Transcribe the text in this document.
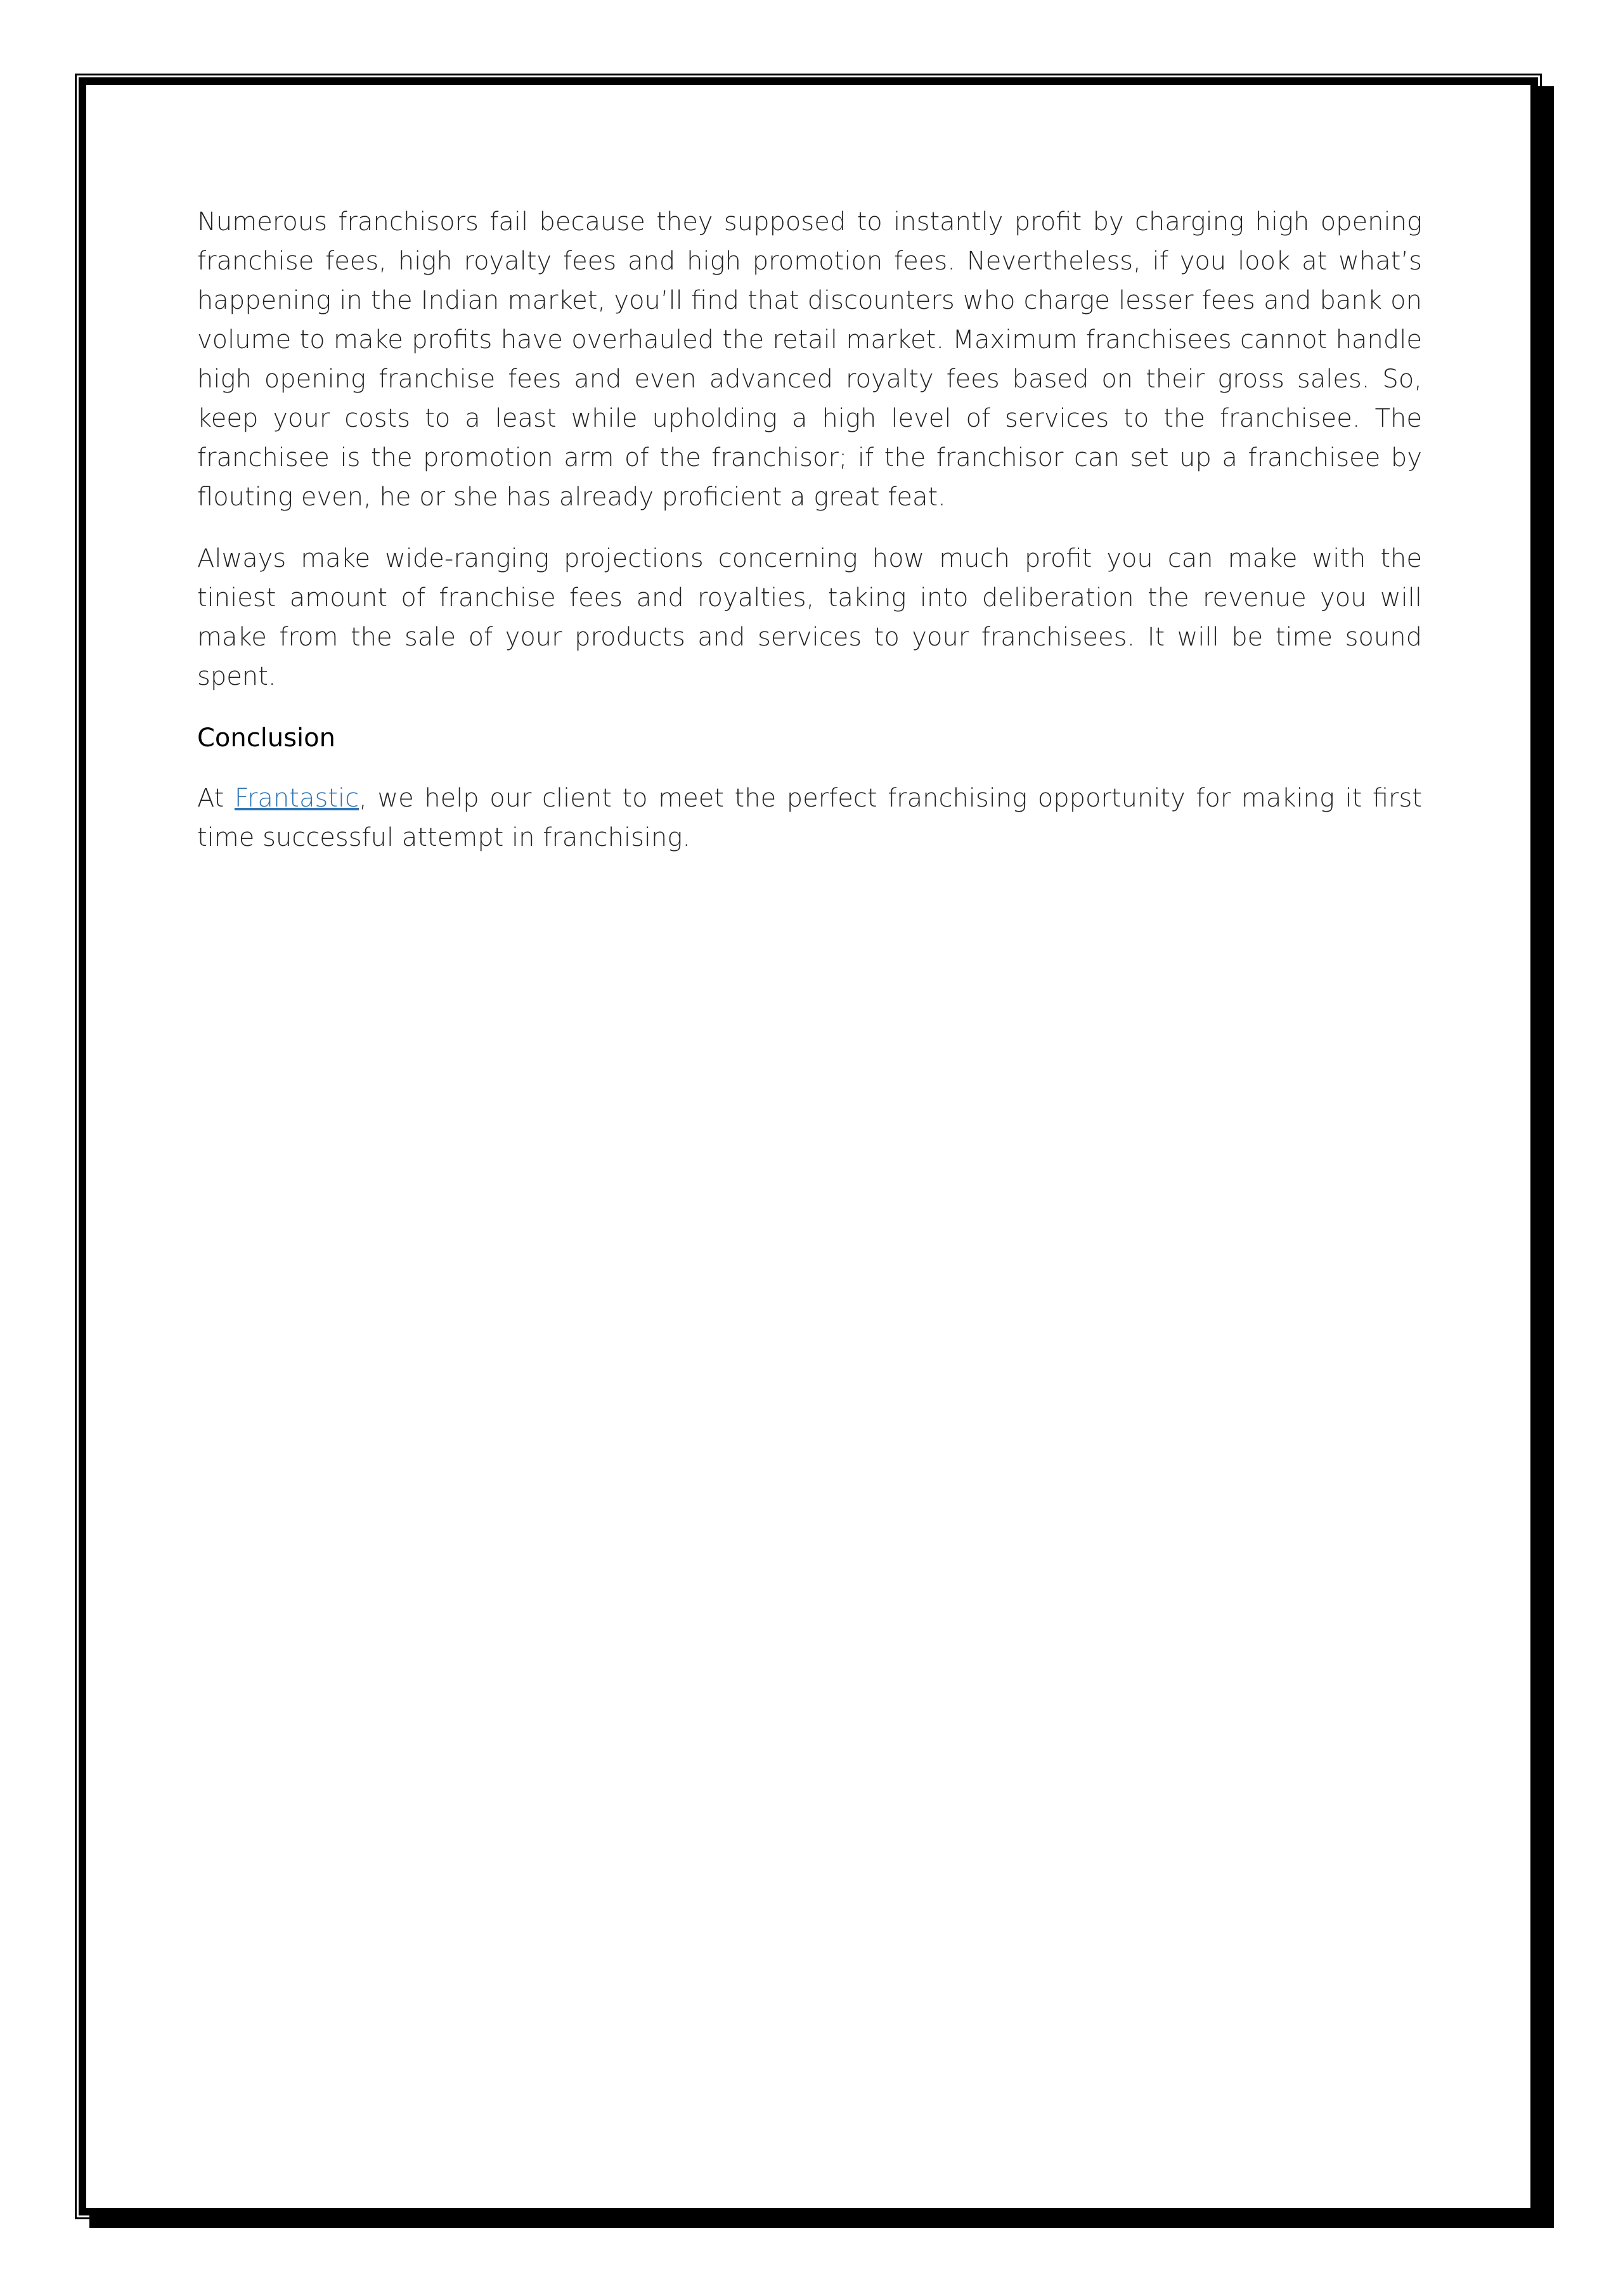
Numerous franchisors fail because they supposed to instantly profit by charging high opening franchise fees, high royalty fees and high promotion fees. Nevertheless, if you look at what’s happening in the Indian market, you’ll find that discounters who charge lesser fees and bank on volume to make profits have overhauled the retail market. Maximum franchisees cannot handle high opening franchise fees and even advanced royalty fees based on their gross sales. So, keep your costs to a least while upholding a high level of services to the franchisee. The franchisee is the promotion arm of the franchisor; if the franchisor can set up a franchisee by flouting even, he or she has already proficient a great feat.

Always make wide-ranging projections concerning how much profit you can make with the tiniest amount of franchise fees and royalties, taking into deliberation the revenue you will make from the sale of your products and services to your franchisees. It will be time sound spent.

Conclusion

At Frantastic, we help our client to meet the perfect franchising opportunity for making it first time successful attempt in franchising.
